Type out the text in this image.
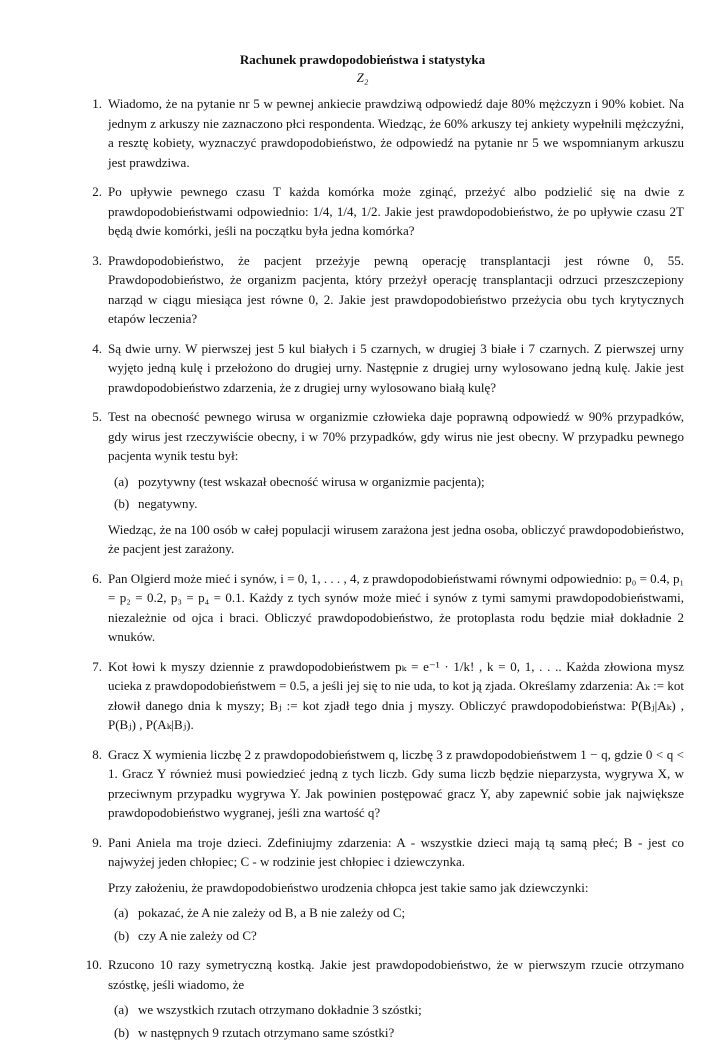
Rachunek prawdopodobieństwa i statystyka
Z₂
1. Wiadomo, że na pytanie nr 5 w pewnej ankiecie prawdziwą odpowiedź daje 80% mężczyzn i 90% kobiet. Na jednym z arkuszy nie zaznaczono płci respondenta. Wiedząc, że 60% arkuszy tej ankiety wypełnili mężczyźni, a resztę kobiety, wyznaczyć prawdopodobieństwo, że odpowiedź na pytanie nr 5 we wspomnianym arkuszu jest prawdziwa.

2. Po upływie pewnego czasu T każda komórka może zginąć, przeżyć albo podzielić się na dwie z prawdopodobieństwami odpowiednio: 1/4, 1/4, 1/2. Jakie jest prawdopodobieństwo, że po upływie czasu 2T będą dwie komórki, jeśli na początku była jedna komórka?

3. Prawdopodobieństwo, że pacjent przeżyje pewną operację transplantacji jest równe 0, 55. Prawdopodobieństwo, że organizm pacjenta, który przeżył operację transplantacji odrzuci przeszczepiony narząd w ciągu miesiąca jest równe 0, 2. Jakie jest prawdopodobieństwo przeżycia obu tych krytycznych etapów leczenia?

4. Są dwie urny. W pierwszej jest 5 kul białych i 5 czarnych, w drugiej 3 białe i 7 czarnych. Z pierwszej urny wyjęto jedną kulę i przełożono do drugiej urny. Następnie z drugiej urny wylosowano jedną kulę. Jakie jest prawdopodobieństwo zdarzenia, że z drugiej urny wylosowano białą kulę?

5. Test na obecność pewnego wirusa w organizmie człowieka daje poprawną odpowiedź w 90% przypadków, gdy wirus jest rzeczywiście obecny, i w 70% przypadków, gdy wirus nie jest obecny. W przypadku pewnego pacjenta wynik testu był:

(a) pozytywny (test wskazał obecność wirusa w organizmie pacjenta);
(b) negatywny.

Wiedząc, że na 100 osób w całej populacji wirusem zarażona jest jedna osoba, obliczyć prawdopodobieństwo, że pacjent jest zarażony.

6. Pan Olgierd może mieć i synów, i = 0, 1, . . . , 4, z prawdopodobieństwami równymi odpowiednio: p₀ = 0.4, p₁ = p₂ = 0.2, p₃ = p₄ = 0.1. Każdy z tych synów może mieć i synów z tymi samymi prawdopodobieństwami, niezależnie od ojca i braci. Obliczyć prawdopodobieństwo, że protoplasta rodu będzie miał dokładnie 2 wnuków.

7. Kot łowi k myszy dziennie z prawdopodobieństwem pₖ = e⁻¹ · 1/k! , k = 0, 1, . . .. Każda złowiona mysz ucieka z prawdopodobieństwem = 0.5, a jeśli jej się to nie uda, to kot ją zjada. Określamy zdarzenia: Aₖ := kot złowił danego dnia k myszy; Bⱼ := kot zjadł tego dnia j myszy. Obliczyć prawdopodobieństwa: P(Bⱼ|Aₖ) , P(Bⱼ) , P(Aₖ|Bⱼ).

8. Gracz X wymienia liczbę 2 z prawdopodobieństwem q, liczbę 3 z prawdopodobieństwem 1 − q, gdzie 0 < q < 1. Gracz Y również musi powiedzieć jedną z tych liczb. Gdy suma liczb będzie nieparzysta, wygrywa X, w przeciwnym przypadku wygrywa Y. Jak powinien postępować gracz Y, aby zapewnić sobie jak największe prawdopodobieństwo wygranej, jeśli zna wartość q?

9. Pani Aniela ma troje dzieci. Zdefiniujmy zdarzenia: A - wszystkie dzieci mają tą samą płeć; B - jest co najwyżej jeden chłopiec; C - w rodzinie jest chłopiec i dziewczynka.

Przy założeniu, że prawdopodobieństwo urodzenia chłopca jest takie samo jak dziewczynki:

(a) pokazać, że A nie zależy od B, a B nie zależy od C;
(b) czy A nie zależy od C?
10. Rzucono 10 razy symetryczną kostką. Jakie jest prawdopodobieństwo, że w pierwszym rzucie otrzymano szóstkę, jeśli wiadomo, że

(a) we wszystkich rzutach otrzymano dokładnie 3 szóstki;
(b) w następnych 9 rzutach otrzymano same szóstki?
